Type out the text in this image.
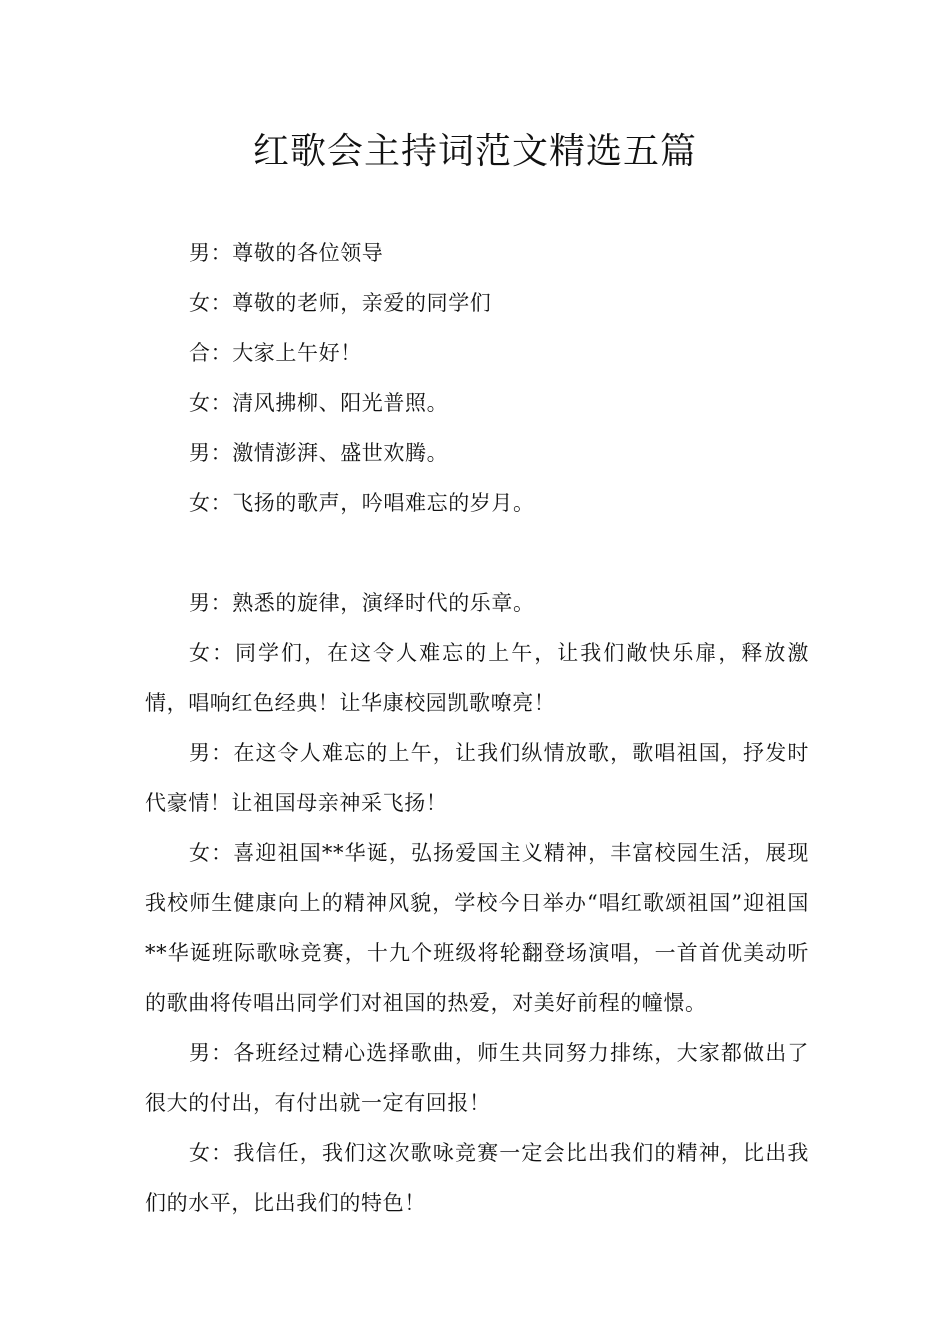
红歌会主持词范文精选五篇

男：尊敬的各位领导

女：尊敬的老师，亲爱的同学们

合：大家上午好！

女：清风拂柳、阳光普照。

男：激情澎湃、盛世欢腾。

女：飞扬的歌声，吟唱难忘的岁月。

男：熟悉的旋律，演绎时代的乐章。

女：同学们，在这令人难忘的上午，让我们敞快乐扉，释放激情，唱响红色经典！让华康校园凯歌嘹亮！

男：在这令人难忘的上午，让我们纵情放歌，歌唱祖国，抒发时代豪情！让祖国母亲神采飞扬！

女：喜迎祖国**华诞，弘扬爱国主义精神，丰富校园生活，展现我校师生健康向上的精神风貌，学校今日举办“唱红歌颂祖国”迎祖国**华诞班际歌咏竞赛，十九个班级将轮翻登场演唱，一首首优美动听的歌曲将传唱出同学们对祖国的热爱，对美好前程的幢憬。

男：各班经过精心选择歌曲，师生共同努力排练，大家都做出了很大的付出，有付出就一定有回报！

女：我信任，我们这次歌咏竞赛一定会比出我们的精神，比出我们的水平，比出我们的特色！
